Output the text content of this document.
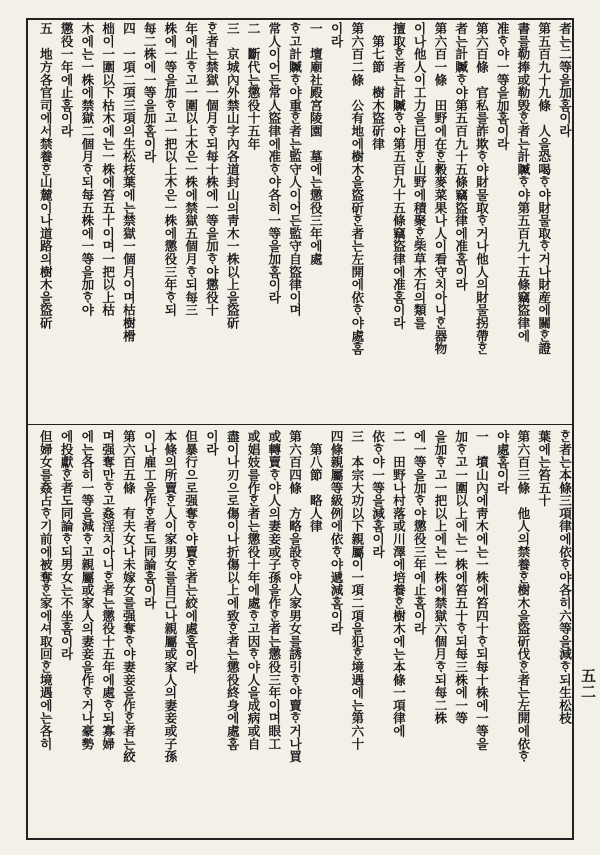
五二
者는二等을加홈이라
第五百九十九條　人을恐喝ᄒᆞ야財물取ᄒᆞ거나財産에關ᄒᆞᆫ證
書를勒捧或勒毁ᄒᆞᆫ者는計贓ᄒᆞ야第五百九十五條竊盜律에
准ᄒᆞ야一等을加홈이라
第六百條　官私를詐欺ᄒᆞ야財물取ᄒᆞ거나他人의財물拐帶ᄒᆞᆫ
者는計贓ᄒᆞ야第五百九十五條竊盜律에准홈이라
第六百一條　田野에在ᄒᆞᆫ穀麥菜果나人이看守치아니ᄒᆞᆫ器物
이나他人이工力을已用ᄒᆞᆫ山野에積聚ᄒᆞᆫ柴草木石의類를
擅取ᄒᆞᆫ者는計贓ᄒᆞ야第五百九十五條竊盜律에准홈이라
　第七節　樹木盜斫律
第六百二條　公有地에樹木을盜斫ᄒᆞᆫ者는左開에依ᄒᆞ야處홈
이라
一　壇廟社殿宮陵園　墓에는懲役三年에處
ᄒᆞ고計贓ᄒᆞ야重ᄒᆞᆫ者는監守人이어든監守自盜律이며
常人이어든常人盜律에准ᄒᆞ야各히一等을加홈이라
二　斷代는懲役十五年
三　京城內外禁山字內各道封山의靑木一株以上을盜斫
ᄒᆞᆫ者는禁獄一個月ᄒᆞ되每十株에一等을加ᄒᆞ야懲役十
年에止ᄒᆞ고一圍以上木은一株에禁獄五個月ᄒᆞ되每三
株에一等을加ᄒᆞ고一把以上木은一株에懲役三年ᄒᆞ되
每二株에一等을加홈이라
四　一項二項三項의生松枝葉에는禁獄一個月이며枯樹榾
柮이一圍以下枯木에는一株에笞五十이며一把以上枯
木에는一株에禁獄二個月ᄒᆞ되每五株에一等을加ᄒᆞ야
懲役一年에止홈이라
五　地方各官司에서禁養ᄒᆞᆫ山麓이나道路의樹木을盜斫
ᄒᆞᆫ者는本條三項律에依ᄒᆞ야各히六等을減ᄒᆞ되生松枝
葉에는笞五十
第六百三條　他人의禁養ᄒᆞᆫ樹木을盜斫伐ᄒᆞᆫ者는左開에依ᄒᆞ
야處홈이라
一　墳山內에靑木에는一株에笞四十ᄒᆞ되每十株에一等을
加ᄒᆞ고一圍以上에는一株에笞五十ᄒᆞ되每三株에一等
을加ᄒᆞ고一把以上에는一株에禁獄六個月ᄒᆞ되每二株
에一等을加ᄒᆞ야懲役三年에止홈이라
二　田野나村落或川澤에培養ᄒᆞᆫ樹木에는本條一項律에
依ᄒᆞ야一等을減홈이라
三　本宗大功以下親屬이一項二項을犯ᄒᆞᆫ境遇에는第六十
四條親屬等級例에依ᄒᆞ야遞減홈이라
　第八節　略人律
第六百四條　方略을設ᄒᆞ야人家男女를誘引ᄒᆞ야賣ᄒᆞ거나買
或轉賣ᄒᆞ야人의妻妾或子孫을作ᄒᆞᆫ者는懲役三年이며眼工
或娼妓를作ᄒᆞᆫ者는懲役十年에處ᄒᆞ고因ᄒᆞ야人을成病或自
盡이나刃으로傷이나折傷以上에致ᄒᆞᆫ者는懲役終身에處홈
이라
但暴行으로强奪ᄒᆞ야賣ᄒᆞᆫ者는絞에處홈이라
本條의所賣ᄒᆞᆫ人이家男女를自己나親屬或家人의妻妾或子孫
이나雇工을作ᄒᆞᆫ者도同論홈이라
第六百五條　有夫女나未嫁女를强奪ᄒᆞ야妻妾을作ᄒᆞᆫ者는絞
며强奪만ᄒᆞ고姦淫치아니ᄒᆞᆫ者는懲役十五年에處ᄒᆞ되寡婦
에는各히一等을減ᄒᆞ고親屬或家人의妻妾을作ᄒᆞ거나豪勢
에投獻ᄒᆞᆫ者도同論ᄒᆞ되男女는不坐홈이라
但婦女를姦占ᄒᆞ기前에被奪ᄒᆞᆫ家에셔取回ᄒᆞᆫ境遇에는各히
